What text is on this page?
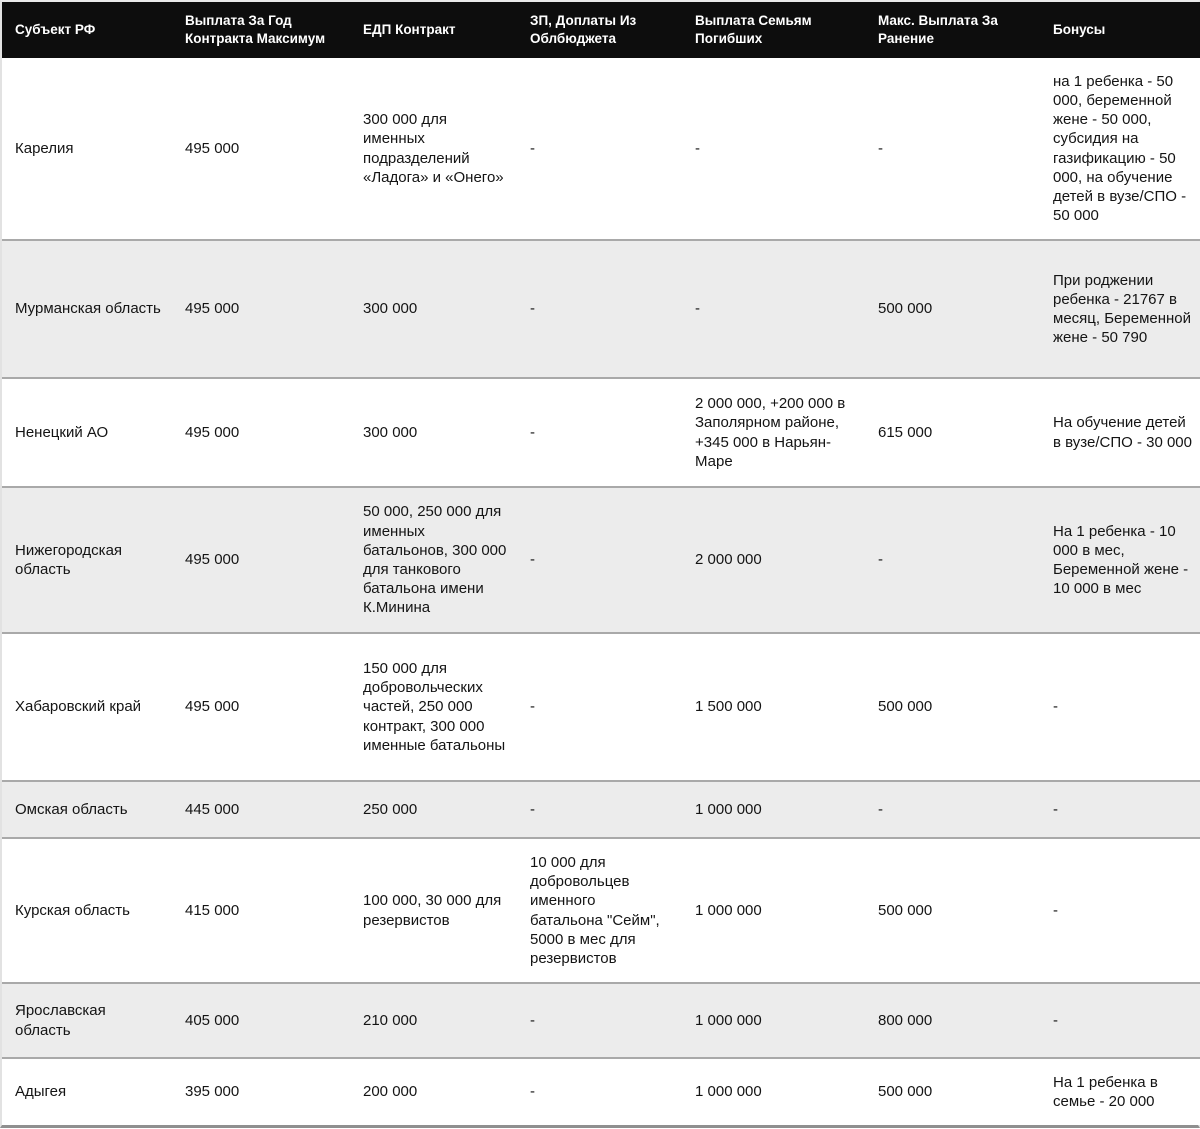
Субъект РФ	Выплата За Год Контракта Максимум	ЕДП Контракт	ЗП, Доплаты Из Облбюджета	Выплата Семьям Погибших	Макс. Выплата За Ранение	Бонусы
Карелия	495 000	300 000 для именных подразделений «Ладога» и «Онего»	-	-	-	на 1 ребенка - 50 000, беременной жене - 50 000, субсидия на газификацию - 50 000, на обучение детей в вузе/СПО - 50 000
Мурманская область	495 000	300 000	-	-	500 000	При роджении ребенка - 21767 в месяц, Беременной жене - 50 790
Ненецкий АО	495 000	300 000	-	2 000 000, +200 000 в Заполярном районе, +345 000 в Нарьян-Маре	615 000	На обучение детей в вузе/СПО - 30 000
Нижегородская область	495 000	50 000, 250 000 для именных батальонов, 300 000 для танкового батальона имени К.Минина	-	2 000 000	-	На 1 ребенка - 10 000 в мес, Беременной жене - 10 000 в мес
Хабаровский край	495 000	150 000 для добровольческих частей, 250 000 контракт, 300 000 именные батальоны	-	1 500 000	500 000	-
Омская область	445 000	250 000	-	1 000 000	-	-
Курская область	415 000	100 000, 30 000 для резервистов	10 000 для добровольцев именного батальона "Сейм", 5000 в мес для резервистов	1 000 000	500 000	-
Ярославская область	405 000	210 000	-	1 000 000	800 000	-
Адыгея	395 000	200 000	-	1 000 000	500 000	На 1 ребенка в семье - 20 000
